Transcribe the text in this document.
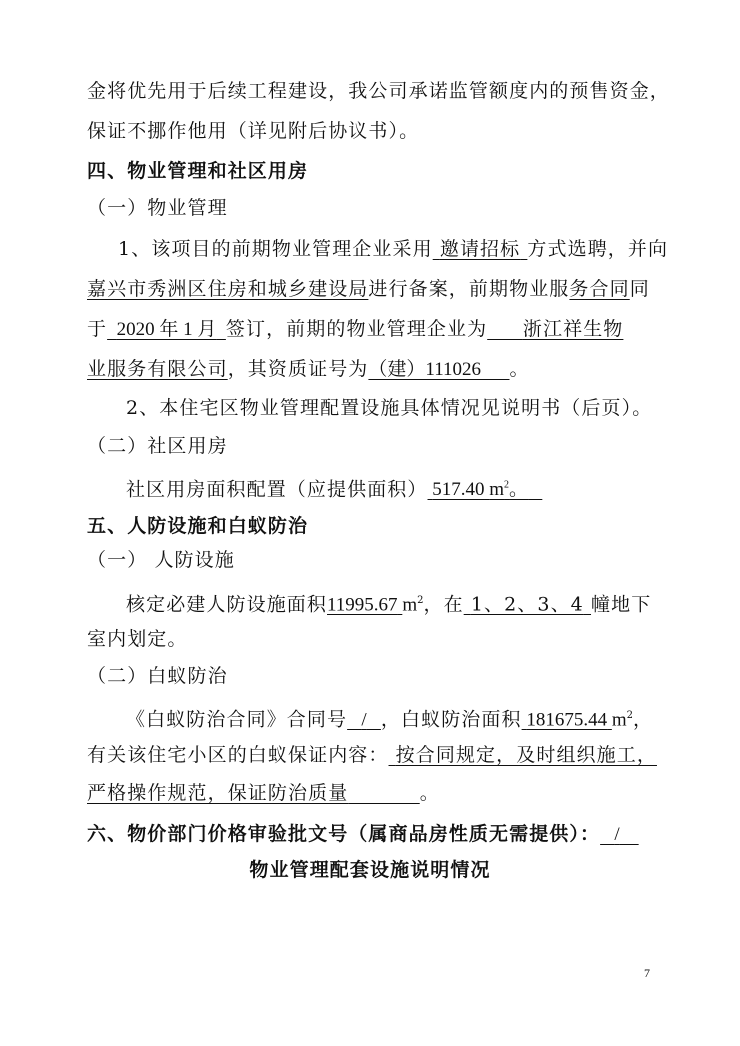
金将优先用于后续工程建设，我公司承诺监管额度内的预售资金，
保证不挪作他用（详见附后协议书）。
四、物业管理和社区用房
（一）物业管理
1、该项目的前期物业管理企业采用 邀请招标 方式选聘，并向
嘉兴市秀洲区住房和城乡建设局进行备案，前期物业服务合同同
于 2020 年 1 月 签订，前期的物业管理企业为 浙江祥生物
业服务有限公司，其资质证号为（建）111026 。
2、本住宅区物业管理配置设施具体情况见说明书（后页）。
（二）社区用房
社区用房面积配置（应提供面积） 517.40 $m^2$。
五、人防设施和白蚁防治
（一） 人防设施
核定必建人防设施面积11995.67 $m^2$，在 1、2、3、4 幢地下
室内划定。
（二）白蚁防治
《白蚁防治合同》合同号 / ，白蚁防治面积 181675.44 $m^2$，
有关该住宅小区的白蚁保证内容： 按合同规定，及时组织施工，
严格操作规范，保证防治质量	。
六、物价部门价格审验批文号（属商品房性质无需提供）： /
物业管理配套设施说明情况
7
